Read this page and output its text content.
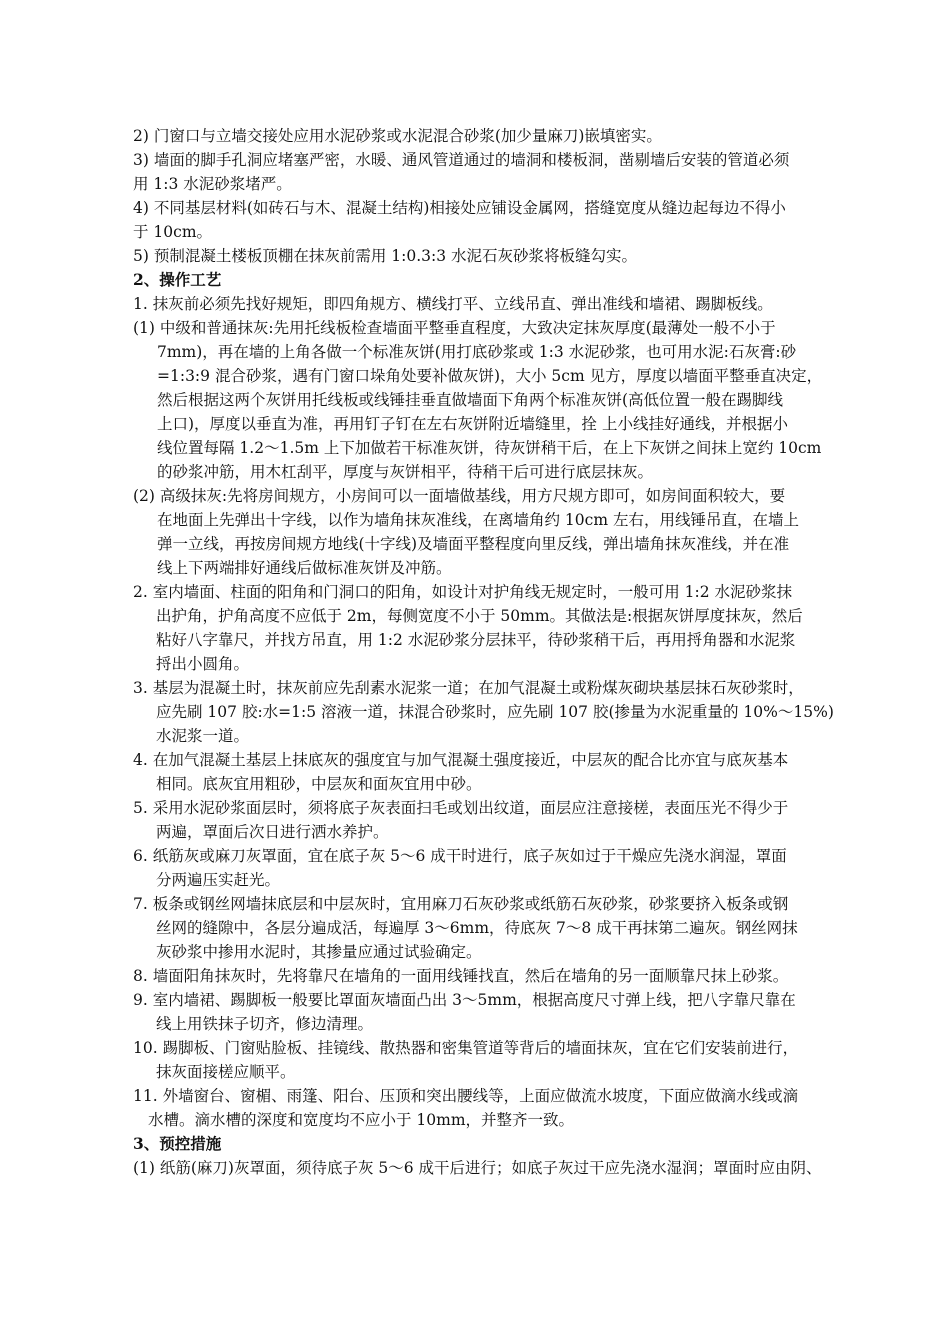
2) 门窗口与立墙交接处应用水泥砂浆或水泥混合砂浆(加少量麻刀)嵌填密实。
3) 墙面的脚手孔洞应堵塞严密，水暖、通风管道通过的墙洞和楼板洞，凿剔墙后安装的管道必须
用 1:3 水泥砂浆堵严。
4) 不同基层材料(如砖石与木、混凝土结构)相接处应铺设金属网，搭缝宽度从缝边起每边不得小
于 10cm。
5) 预制混凝土楼板顶棚在抹灰前需用 1:0.3:3 水泥石灰砂浆将板缝勾实。
2、操作工艺
1. 抹灰前必须先找好规矩，即四角规方、横线打平、立线吊直、弹出准线和墙裙、踢脚板线。
(1) 中级和普通抹灰:先用托线板检查墙面平整垂直程度，大致决定抹灰厚度(最薄处一般不小于
7mm)，再在墙的上角各做一个标准灰饼(用打底砂浆或 1:3 水泥砂浆，也可用水泥:石灰膏:砂
=1:3:9 混合砂浆，遇有门窗口垛角处要补做灰饼)，大小 5cm 见方，厚度以墙面平整垂直决定，
然后根据这两个灰饼用托线板或线锤挂垂直做墙面下角两个标准灰饼(高低位置一般在踢脚线
上口)，厚度以垂直为准，再用钉子钉在左右灰饼附近墙缝里，拴 上小线挂好通线，并根据小
线位置每隔 1.2～1.5m 上下加做若干标准灰饼，待灰饼稍干后，在上下灰饼之间抹上宽约 10cm
的砂浆冲筋，用木杠刮平，厚度与灰饼相平，待稍干后可进行底层抹灰。
(2) 高级抹灰:先将房间规方，小房间可以一面墙做基线，用方尺规方即可，如房间面积较大，要
在地面上先弹出十字线，以作为墙角抹灰准线，在离墙角约 10cm 左右，用线锤吊直，在墙上
弹一立线，再按房间规方地线(十字线)及墙面平整程度向里反线，弹出墙角抹灰准线，并在准
线上下两端排好通线后做标准灰饼及冲筋。
2. 室内墙面、柱面的阳角和门洞口的阳角，如设计对护角线无规定时，一般可用 1:2 水泥砂浆抹
出护角，护角高度不应低于 2m，每侧宽度不小于 50mm。其做法是:根据灰饼厚度抹灰，然后
粘好八字靠尺，并找方吊直，用 1:2 水泥砂浆分层抹平，待砂浆稍干后，再用捋角器和水泥浆
捋出小圆角。
3. 基层为混凝土时，抹灰前应先刮素水泥浆一道；在加气混凝土或粉煤灰砌块基层抹石灰砂浆时，
应先刷 107 胶:水=1:5 溶液一道，抹混合砂浆时，应先刷 107 胶(掺量为水泥重量的 10%～15%)
水泥浆一道。
4. 在加气混凝土基层上抹底灰的强度宜与加气混凝土强度接近，中层灰的配合比亦宜与底灰基本
相同。底灰宜用粗砂，中层灰和面灰宜用中砂。
5. 采用水泥砂浆面层时，须将底子灰表面扫毛或划出纹道，面层应注意接槎，表面压光不得少于
两遍，罩面后次日进行洒水养护。
6. 纸筋灰或麻刀灰罩面，宜在底子灰 5～6 成干时进行，底子灰如过于干燥应先浇水润湿，罩面
分两遍压实赶光。
7. 板条或钢丝网墙抹底层和中层灰时，宜用麻刀石灰砂浆或纸筋石灰砂浆，砂浆要挤入板条或钢
丝网的缝隙中，各层分遍成活，每遍厚 3～6mm，待底灰 7～8 成干再抹第二遍灰。钢丝网抹
灰砂浆中掺用水泥时，其掺量应通过试验确定。
8. 墙面阳角抹灰时，先将靠尺在墙角的一面用线锤找直，然后在墙角的另一面顺靠尺抹上砂浆。
9. 室内墙裙、踢脚板一般要比罩面灰墙面凸出 3～5mm，根据高度尺寸弹上线，把八字靠尺靠在
线上用铁抹子切齐，修边清理。
10. 踢脚板、门窗贴脸板、挂镜线、散热器和密集管道等背后的墙面抹灰，宜在它们安装前进行，
抹灰面接槎应顺平。
11. 外墙窗台、窗楣、雨篷、阳台、压顶和突出腰线等，上面应做流水坡度，下面应做滴水线或滴
水槽。滴水槽的深度和宽度均不应小于 10mm，并整齐一致。
3、预控措施
(1) 纸筋(麻刀)灰罩面，须待底子灰 5～6 成干后进行；如底子灰过干应先浇水湿润；罩面时应由阴、
